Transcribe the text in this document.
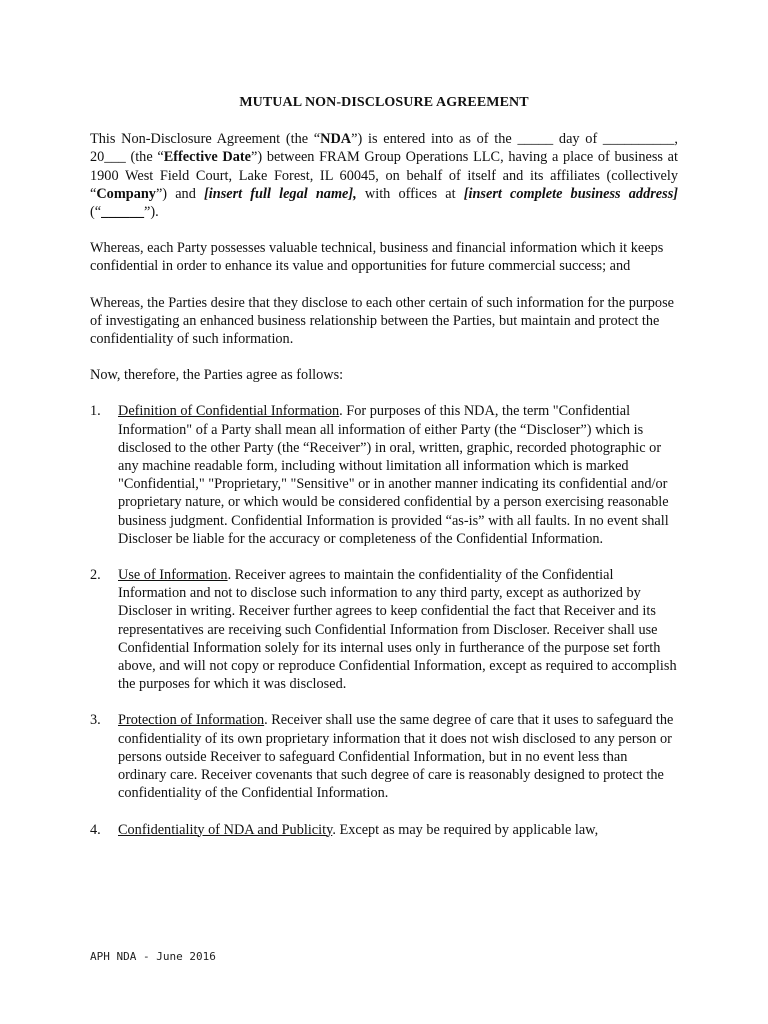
MUTUAL NON-DISCLOSURE AGREEMENT
This Non-Disclosure Agreement (the “NDA”) is entered into as of the _____ day of __________, 20___ (the “Effective Date”) between FRAM Group Operations LLC, having a place of business at 1900 West Field Court, Lake Forest, IL 60045, on behalf of itself and its affiliates (collectively “Company”) and [insert full legal name], with offices at [insert complete business address] (“______”).
Whereas, each Party possesses valuable technical, business and financial information which it keeps confidential in order to enhance its value and opportunities for future commercial success; and
Whereas, the Parties desire that they disclose to each other certain of such information for the purpose of investigating an enhanced business relationship between the Parties, but maintain and protect the confidentiality of such information.
Now, therefore, the Parties agree as follows:
1.	Definition of Confidential Information. For purposes of this NDA, the term "Confidential Information" of a Party shall mean all information of either Party (the “Discloser”) which is disclosed to the other Party (the “Receiver”) in oral, written, graphic, recorded photographic or any machine readable form, including without limitation all information which is marked "Confidential," "Proprietary," "Sensitive" or in another manner indicating its confidential and/or proprietary nature, or which would be considered confidential by a person exercising reasonable business judgment. Confidential Information is provided “as-is” with all faults. In no event shall Discloser be liable for the accuracy or completeness of the Confidential Information.
2.	Use of Information. Receiver agrees to maintain the confidentiality of the Confidential Information and not to disclose such information to any third party, except as authorized by Discloser in writing. Receiver further agrees to keep confidential the fact that Receiver and its representatives are receiving such Confidential Information from Discloser. Receiver shall use Confidential Information solely for its internal uses only in furtherance of the purpose set forth above, and will not copy or reproduce Confidential Information, except as required to accomplish the purposes for which it was disclosed.
3.	Protection of Information. Receiver shall use the same degree of care that it uses to safeguard the confidentiality of its own proprietary information that it does not wish disclosed to any person or persons outside Receiver to safeguard Confidential Information, but in no event less than ordinary care. Receiver covenants that such degree of care is reasonably designed to protect the confidentiality of the Confidential Information.
4.	Confidentiality of NDA and Publicity. Except as may be required by applicable law,
APH NDA - June 2016
